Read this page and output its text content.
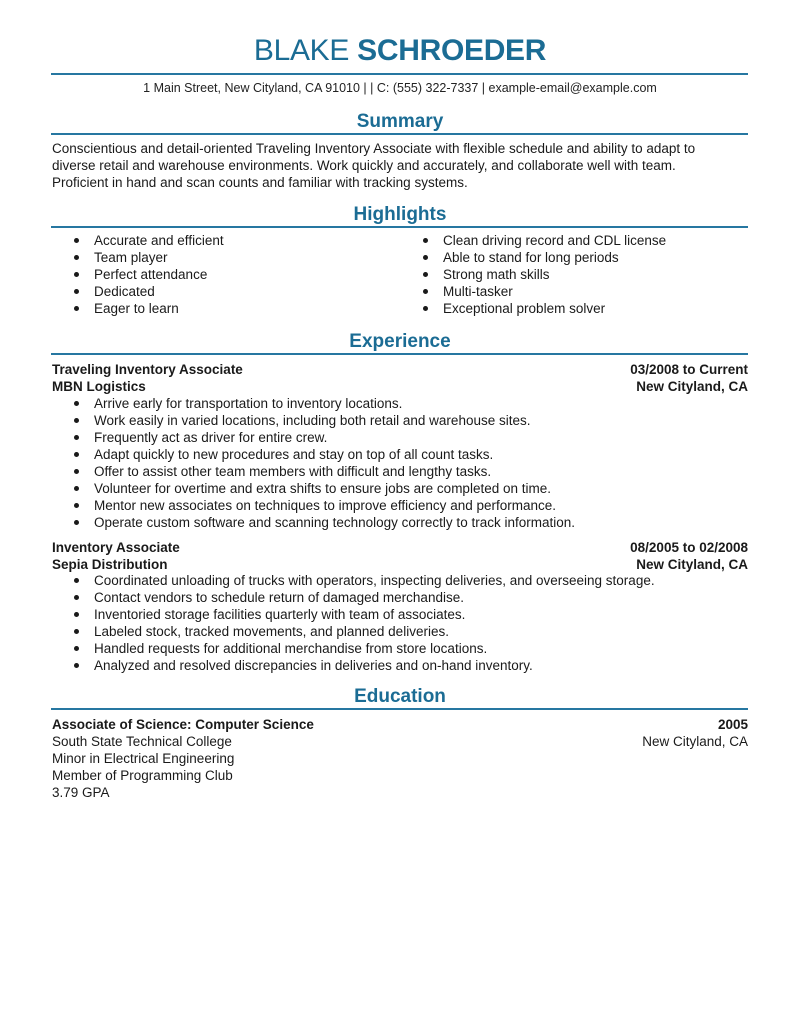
BLAKE SCHROEDER
1 Main Street, New Cityland, CA 91010 | | C: (555) 322-7337 | example-email@example.com
Summary
Conscientious and detail-oriented Traveling Inventory Associate with flexible schedule and ability to adapt to
diverse retail and warehouse environments. Work quickly and accurately, and collaborate well with team.
Proficient in hand and scan counts and familiar with tracking systems.
Highlights
Accurate and efficient
Team player
Perfect attendance
Dedicated
Eager to learn
Clean driving record and CDL license
Able to stand for long periods
Strong math skills
Multi-tasker
Exceptional problem solver
Experience
Traveling Inventory Associate	03/2008 to Current
MBN Logistics	New Cityland, CA
Arrive early for transportation to inventory locations.
Work easily in varied locations, including both retail and warehouse sites.
Frequently act as driver for entire crew.
Adapt quickly to new procedures and stay on top of all count tasks.
Offer to assist other team members with difficult and lengthy tasks.
Volunteer for overtime and extra shifts to ensure jobs are completed on time.
Mentor new associates on techniques to improve efficiency and performance.
Operate custom software and scanning technology correctly to track information.
Inventory Associate	08/2005 to 02/2008
Sepia Distribution	New Cityland, CA
Coordinated unloading of trucks with operators, inspecting deliveries, and overseeing storage.
Contact vendors to schedule return of damaged merchandise.
Inventoried storage facilities quarterly with team of associates.
Labeled stock, tracked movements, and planned deliveries.
Handled requests for additional merchandise from store locations.
Analyzed and resolved discrepancies in deliveries and on-hand inventory.
Education
Associate of Science: Computer Science	2005
South State Technical College	New Cityland, CA
Minor in Electrical Engineering
Member of Programming Club
3.79 GPA
